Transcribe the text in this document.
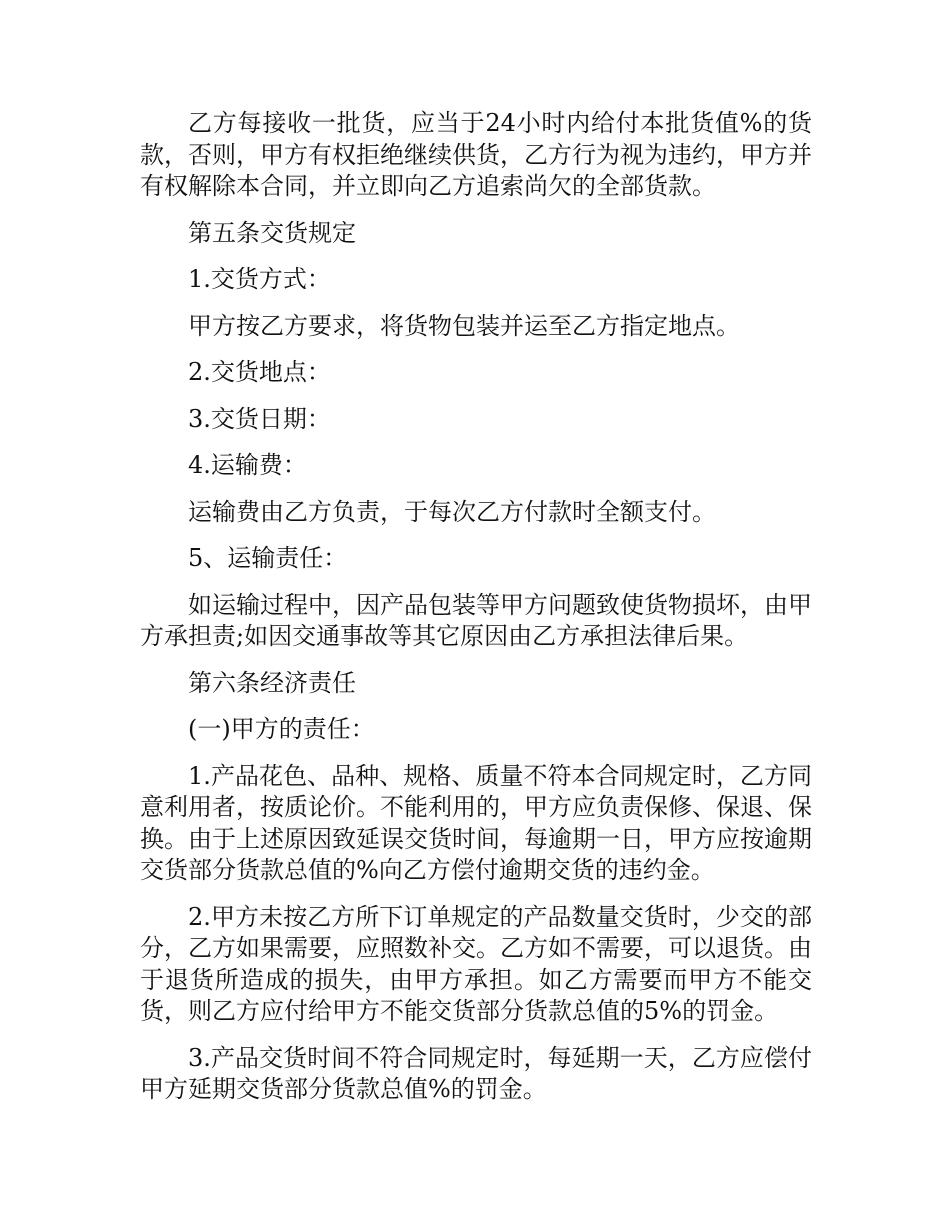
乙方每接收一批货，应当于24小时内给付本批货值%的货款，否则，甲方有权拒绝继续供货，乙方行为视为违约，甲方并有权解除本合同，并立即向乙方追索尚欠的全部货款。

第五条交货规定

1.交货方式：

甲方按乙方要求，将货物包装并运至乙方指定地点。

2.交货地点：

3.交货日期：

4.运输费：

运输费由乙方负责，于每次乙方付款时全额支付。

5、运输责任：

如运输过程中，因产品包装等甲方问题致使货物损坏，由甲方承担责;如因交通事故等其它原因由乙方承担法律后果。

第六条经济责任

(一)甲方的责任：

1.产品花色、品种、规格、质量不符本合同规定时，乙方同意利用者，按质论价。不能利用的，甲方应负责保修、保退、保换。由于上述原因致延误交货时间，每逾期一日，甲方应按逾期交货部分货款总值的%向乙方偿付逾期交货的违约金。

2.甲方未按乙方所下订单规定的产品数量交货时，少交的部分，乙方如果需要，应照数补交。乙方如不需要，可以退货。由于退货所造成的损失，由甲方承担。如乙方需要而甲方不能交货，则乙方应付给甲方不能交货部分货款总值的5%的罚金。

3.产品交货时间不符合同规定时，每延期一天，乙方应偿付甲方延期交货部分货款总值%的罚金。
